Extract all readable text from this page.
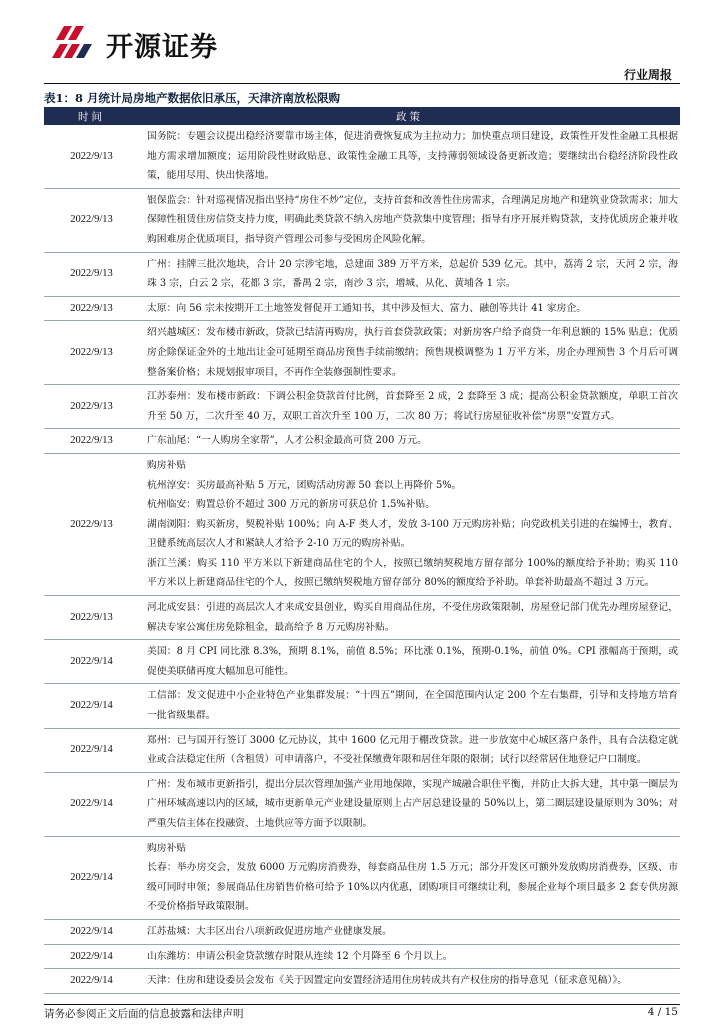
开源证券
行业周报
表1：8 月统计局房地产数据依旧承压，天津济南放松限购
时间	政策
2022/9/13	国务院：专题会议提出稳经济要靠市场主体，促进消费恢复成为主拉动力；加快重点项目建设，政策性开发性金融工具根据地方需求增加额度；运用阶段性财政贴息、政策性金融工具等，支持薄弱领域设备更新改造；要继续出台稳经济阶段性政策，能用尽用、快出快落地。

2022/9/13	银保监会：针对巡视情况指出坚持“房住不炒”定位，支持首套和改善性住房需求，合理满足房地产和建筑业贷款需求；加大保障性租赁住房信贷支持力度，明确此类贷款不纳入房地产贷款集中度管理；指导有序开展并购贷款，支持优质房企兼并收购困难房企优质项目，指导资产管理公司参与受困房企风险化解。

2022/9/13	广州：挂牌三批次地块，合计 20 宗涉宅地，总建面 389 万平方米，总起价 539 亿元。其中，荔湾 2 宗，天河 2 宗，海珠 3 宗，白云 2 宗，花都 3 宗，番禺 2 宗，南沙 3 宗，增城、从化、黄埔各 1 宗。

2022/9/13	太原：向 56 宗未按期开工土地签发督促开工通知书，其中涉及恒大、富力、融创等共计 41 家房企。

2022/9/13	绍兴越城区：发布楼市新政，贷款已结清再购房，执行首套贷款政策；对新房客户给予商贷一年利息额的 15% 贴息；优质房企除保证金外的土地出让金可延期至商品房预售手续前缴纳；预售规模调整为 1 万平方米，房企办理预售 3 个月后可调整备案价格；未规划报审项目，不再作全装修强制性要求。

2022/9/13	江苏泰州：发布楼市新政：下调公积金贷款首付比例，首套降至 2 成，2 套降至 3 成；提高公积金贷款额度，单职工首次升至 50 万，二次升至 40 万，双职工首次升至 100 万，二次 80 万；将试行房屋征收补偿“房票”安置方式。

2022/9/13	广东汕尾：“一人购房全家帮”，人才公积金最高可贷 200 万元。

2022/9/13	购房补贴
杭州淳安：买房最高补贴 5 万元，团购活动房源 50 套以上再降价 5%。
杭州临安：购置总价不超过 300 万元的新房可获总价 1.5%补贴。
湖南浏阳：购买新房，契税补贴 100%；向 A-F 类人才，发放 3-100 万元购房补贴；向党政机关引进的在编博士，教育、卫健系统高层次人才和紧缺人才给予 2-10 万元的购房补贴。
浙江兰溪：购买 110 平方米以下新建商品住宅的个人，按照已缴纳契税地方留存部分 100%的额度给予补助；购买 110 平方米以上新建商品住宅的个人，按照已缴纳契税地方留存部分 80%的额度给予补助。单套补助最高不超过 3 万元。

2022/9/13	河北成安县：引进的高层次人才来成安县创业，购买自用商品住房，不受住房政策限制，房屋登记部门优先办理房屋登记，解决专家公寓住房免除租金，最高给予 8 万元购房补贴。

2022/9/14	美国：8 月 CPI 同比涨 8.3%，预期 8.1%，前值 8.5%；环比涨 0.1%，预期-0.1%，前值 0%。CPI 涨幅高于预期，或促使美联储再度大幅加息可能性。

2022/9/14	工信部：发文促进中小企业特色产业集群发展：“十四五”期间，在全国范围内认定 200 个左右集群，引导和支持地方培育一批省级集群。

2022/9/14	郑州：已与国开行签订 3000 亿元协议，其中 1600 亿元用于棚改贷款。进一步放宽中心城区落户条件，具有合法稳定就业或合法稳定住所（含租赁）可申请落户，不受社保缴费年限和居住年限的限制；试行以经常居住地登记户口制度。

2022/9/14	广州：发布城市更新指引，提出分层次管理加强产业用地保障，实现产城融合职住平衡，并防止大拆大建，其中第一圈层为广州环城高速以内的区域，城市更新单元产业建设量原则上占产居总建设量的 50%以上，第二圈层建设量原则为 30%；对严重失信主体在投融资、土地供应等方面予以限制。

2022/9/14	购房补贴
长春：举办房交会，发放 6000 万元购房消费券，每套商品住房 1.5 万元；部分开发区可额外发放购房消费券，区级、市级可同时申领；参展商品住房销售价格可给予 10%以内优惠，团购项目可继续让利，参展企业每个项目最多 2 套专供房源不受价格指导政策限制。

2022/9/14	江苏盐城：大丰区出台八项新政促进房地产业健康发展。

2022/9/14	山东潍坊：申请公积金贷款缴存时限从连续 12 个月降至 6 个月以上。

2022/9/14	天津：住房和建设委员会发布《关于因置定向安置经济适用住房转成共有产权住房的指导意见（征求意见稿）》。
请务必参阅正文后面的信息披露和法律声明	4 / 15
